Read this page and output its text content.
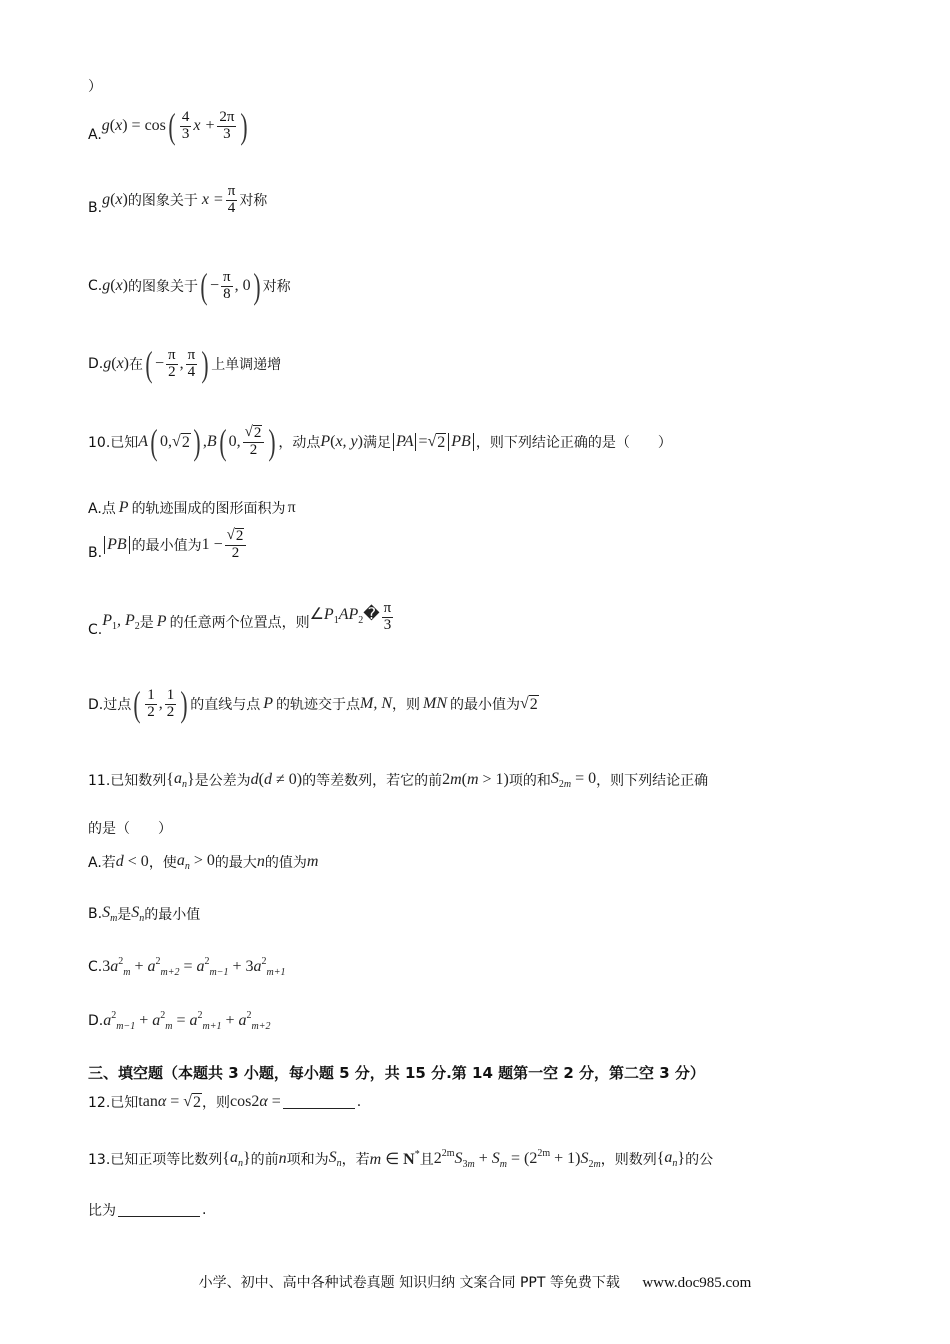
）
A.
g(x) = cos ( $\frac{4}{3}$ $x + \frac{2\pi}{3}$ )
B. g(x) 的图象关于 $x = \frac{\pi}{4}$ 对称
C. g(x) 的图象关于 ( − $\frac{\pi}{8}$ , 0 ) 对称
D. g(x) 在 ( − $\frac{\pi}{2}$ , $\frac{\pi}{4}$ ) 上单调递增
10.已知 A ( 0, √ 2 ) , B ( 0, $\frac{√ 2}{2}$ ) ，动点 P(x, y) 满足 PA = √ 2 PB ，则下列结论正确的是（　　）
A.点 P 的轨迹围成的图形面积为 π
B. PB 的最小值为 $1 - \frac{√ 2}{2}$
C.
$P_1$, $P_2$ 是 P 的任意两个位置点，则 $\angle P_1AP_2� \frac{\pi}{3}$
D.过点 ( $\frac{1}{2}$ , $\frac{1}{2}$ ) 的直线与点 P 的轨迹交于点 M, N ，则 MN 的最小值为 √ 2
11.已知数列 { $a_n$ } 是公差为 d(d ≠ 0) 的等差数列，若它的前 2m(m > 1) 项的和 $S_{2m} = 0$ ，则下列结论正确
的是（　　）
A.若 d < 0 ，使 $a_n > 0$ 的最大 n 的值为 m
B. $S_m$ 是 $S_n$ 的最小值
C. $3a^2_m + a^2_{m+2} = a^2_{m-1} + 3a^2_{m+1}$
D. $a^2_{m-1} + a^2_m = a^2_{m+1} + a^2_{m+2}$
三、填空题（本题共 3 小题，每小题 5 分，共 15 分.第 14 题第一空 2 分，第二空 3 分）
12.已知 tanα = √ 2 ，则 cos2α =	.
13.已知正项等比数列 { $a_n$ } 的前 n 项和为 $S_n$ ，若 m ∈ N* 且 $2^{2m}S_{3m} + S_m = (2^{2m} + 1)S_{2m}$ ，则数列 { $a_n$ } 的公
比为	.
小学、初中、高中各种试卷真题 知识归纳 文案合同 PPT 等免费下载 www.doc985.com
